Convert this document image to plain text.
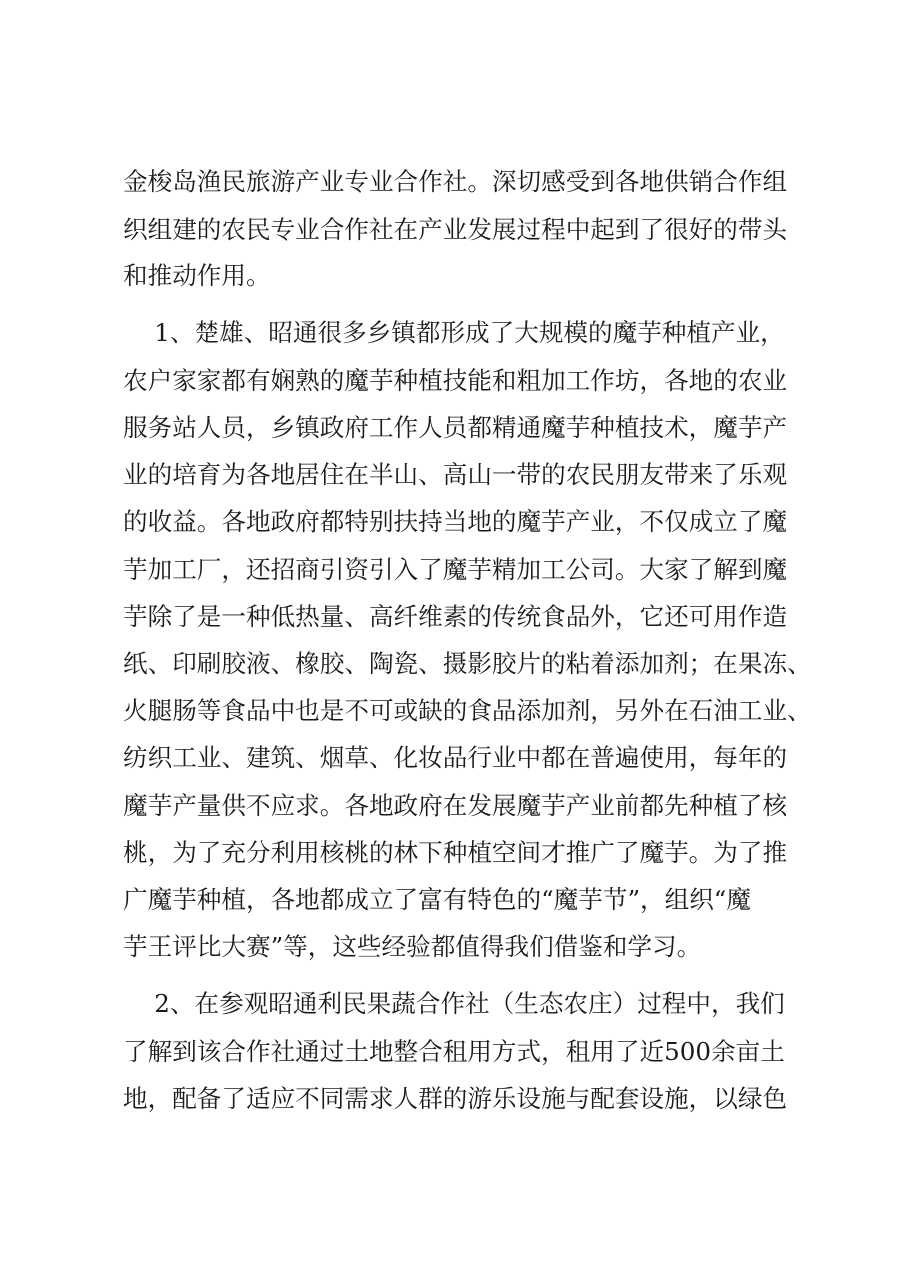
金梭岛渔民旅游产业专业合作社。深切感受到各地供销合作组
织组建的农民专业合作社在产业发展过程中起到了很好的带头
和推动作用。
1、楚雄、昭通很多乡镇都形成了大规模的魔芋种植产业，
农户家家都有娴熟的魔芋种植技能和粗加工作坊，各地的农业
服务站人员，乡镇政府工作人员都精通魔芋种植技术，魔芋产
业的培育为各地居住在半山、高山一带的农民朋友带来了乐观
的收益。各地政府都特别扶持当地的魔芋产业，不仅成立了魔
芋加工厂，还招商引资引入了魔芋精加工公司。大家了解到魔
芋除了是一种低热量、高纤维素的传统食品外，它还可用作造
纸、印刷胶液、橡胶、陶瓷、摄影胶片的粘着添加剂；在果冻、
火腿肠等食品中也是不可或缺的食品添加剂，另外在石油工业、
纺织工业、建筑、烟草、化妆品行业中都在普遍使用，每年的
魔芋产量供不应求。各地政府在发展魔芋产业前都先种植了核
桃，为了充分利用核桃的林下种植空间才推广了魔芋。为了推
广魔芋种植，各地都成立了富有特色的“魔芋节”，组织“魔
芋王评比大赛”等，这些经验都值得我们借鉴和学习。
2、在参观昭通利民果蔬合作社（生态农庄）过程中，我们
了解到该合作社通过土地整合租用方式，租用了近500余亩土
地，配备了适应不同需求人群的游乐设施与配套设施，以绿色
